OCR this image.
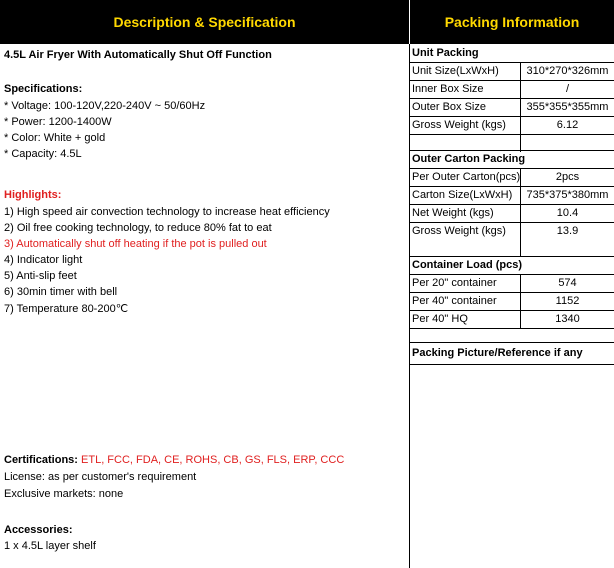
Description & Specification	Packing Information
4.5L Air Fryer With Automatically Shut Off Function
Specifications:
* Voltage: 100-120V,220-240V ~ 50/60Hz
* Power: 1200-1400W
* Color: White + gold
* Capacity: 4.5L
Highlights:
1) High speed air convection technology to increase heat efficiency
2) Oil free cooking technology, to reduce 80% fat to eat
3) Automatically shut off heating if the pot is pulled out
4) Indicator light
5) Anti-slip feet
6) 30min timer with bell
7) Temperature 80-200℃
Certifications: ETL, FCC, FDA, CE, ROHS, CB, GS, FLS, ERP, CCC
License: as per customer's requirement
Exclusive markets: none
Accessories:
1 x 4.5L layer shelf
Unit Packing
Unit Size(LxWxH)	310*270*326mm
Inner Box Size	/
Outer Box Size	355*355*355mm
Gross Weight (kgs)	6.12
Outer Carton Packing
Per Outer Carton(pcs)	2pcs
Carton Size(LxWxH)	735*375*380mm
Net Weight (kgs)	10.4
Gross Weight (kgs)	13.9
Container Load (pcs)
Per 20" container	574
Per 40" container	1152
Per 40" HQ	1340
Packing Picture/Reference if any
